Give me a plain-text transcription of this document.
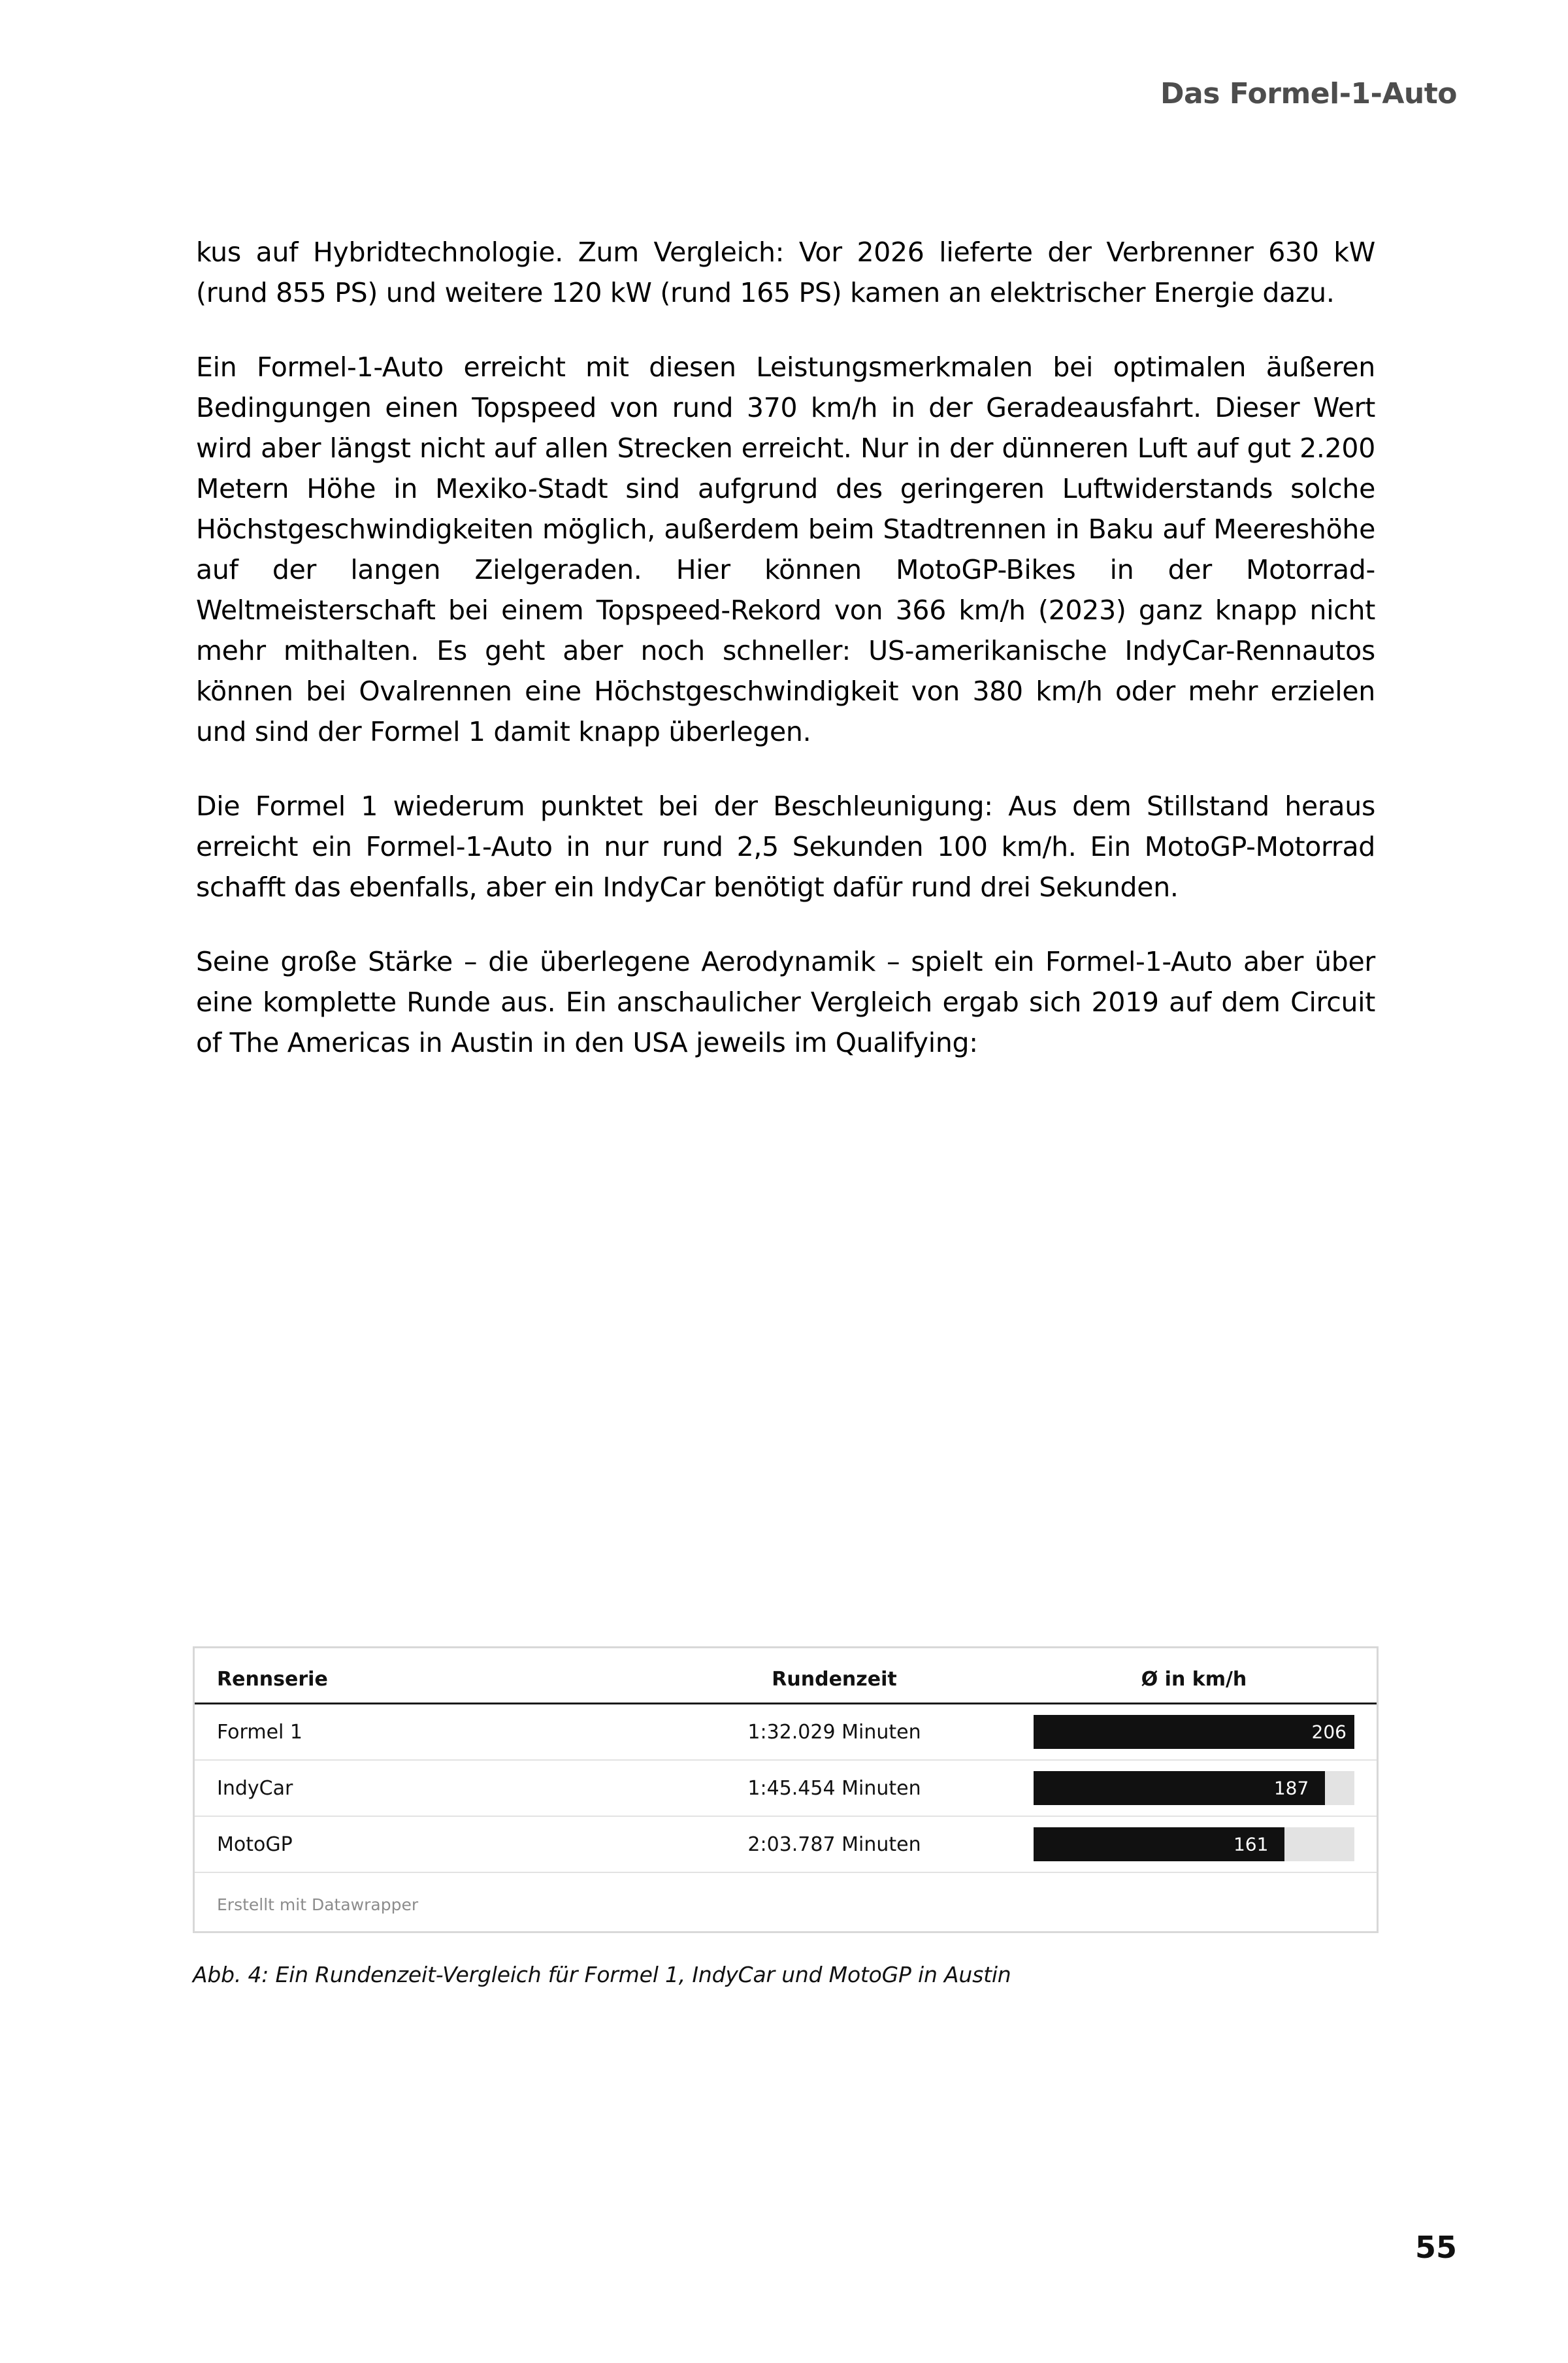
Das Formel-1-Auto

kus auf Hybridtechnologie. Zum Vergleich: Vor 2026 lieferte der Verbrenner 630 kW (rund 855 PS) und weitere 120 kW (rund 165 PS) kamen an elektrischer Energie dazu.

Ein Formel-1-Auto erreicht mit diesen Leistungsmerkmalen bei optimalen äußeren Bedingungen einen Topspeed von rund 370 km/h in der Geradeausfahrt. Dieser Wert wird aber längst nicht auf allen Strecken erreicht. Nur in der dünneren Luft auf gut 2.200 Metern Höhe in Mexiko-Stadt sind aufgrund des geringeren Luftwiderstands solche Höchstgeschwindigkeiten möglich, außerdem beim Stadtrennen in Baku auf Meereshöhe auf der langen Zielgeraden. Hier können MotoGP-Bikes in der Motorrad-Weltmeisterschaft bei einem Topspeed-Rekord von 366 km/h (2023) ganz knapp nicht mehr mithalten. Es geht aber noch schneller: US-amerikanische IndyCar-Rennautos können bei Ovalrennen eine Höchstgeschwindigkeit von 380 km/h oder mehr erzielen und sind der Formel 1 damit knapp überlegen.

Die Formel 1 wiederum punktet bei der Beschleunigung: Aus dem Stillstand heraus erreicht ein Formel-1-Auto in nur rund 2,5 Sekunden 100 km/h. Ein MotoGP-Motorrad schafft das ebenfalls, aber ein IndyCar benötigt dafür rund drei Sekunden.

Seine große Stärke – die überlegene Aerodynamik – spielt ein Formel-1-Auto aber über eine komplette Runde aus. Ein anschaulicher Vergleich ergab sich 2019 auf dem Circuit of The Americas in Austin in den USA jeweils im Qualifying:

Rennserie	Rundenzeit	Ø in km/h
Formel 1	1:32.029 Minuten	206
IndyCar	1:45.454 Minuten	187
MotoGP	2:03.787 Minuten	161
Erstellt mit Datawrapper
Abb. 4: Ein Rundenzeit-Vergleich für Formel 1, IndyCar und MotoGP in Austin
55
